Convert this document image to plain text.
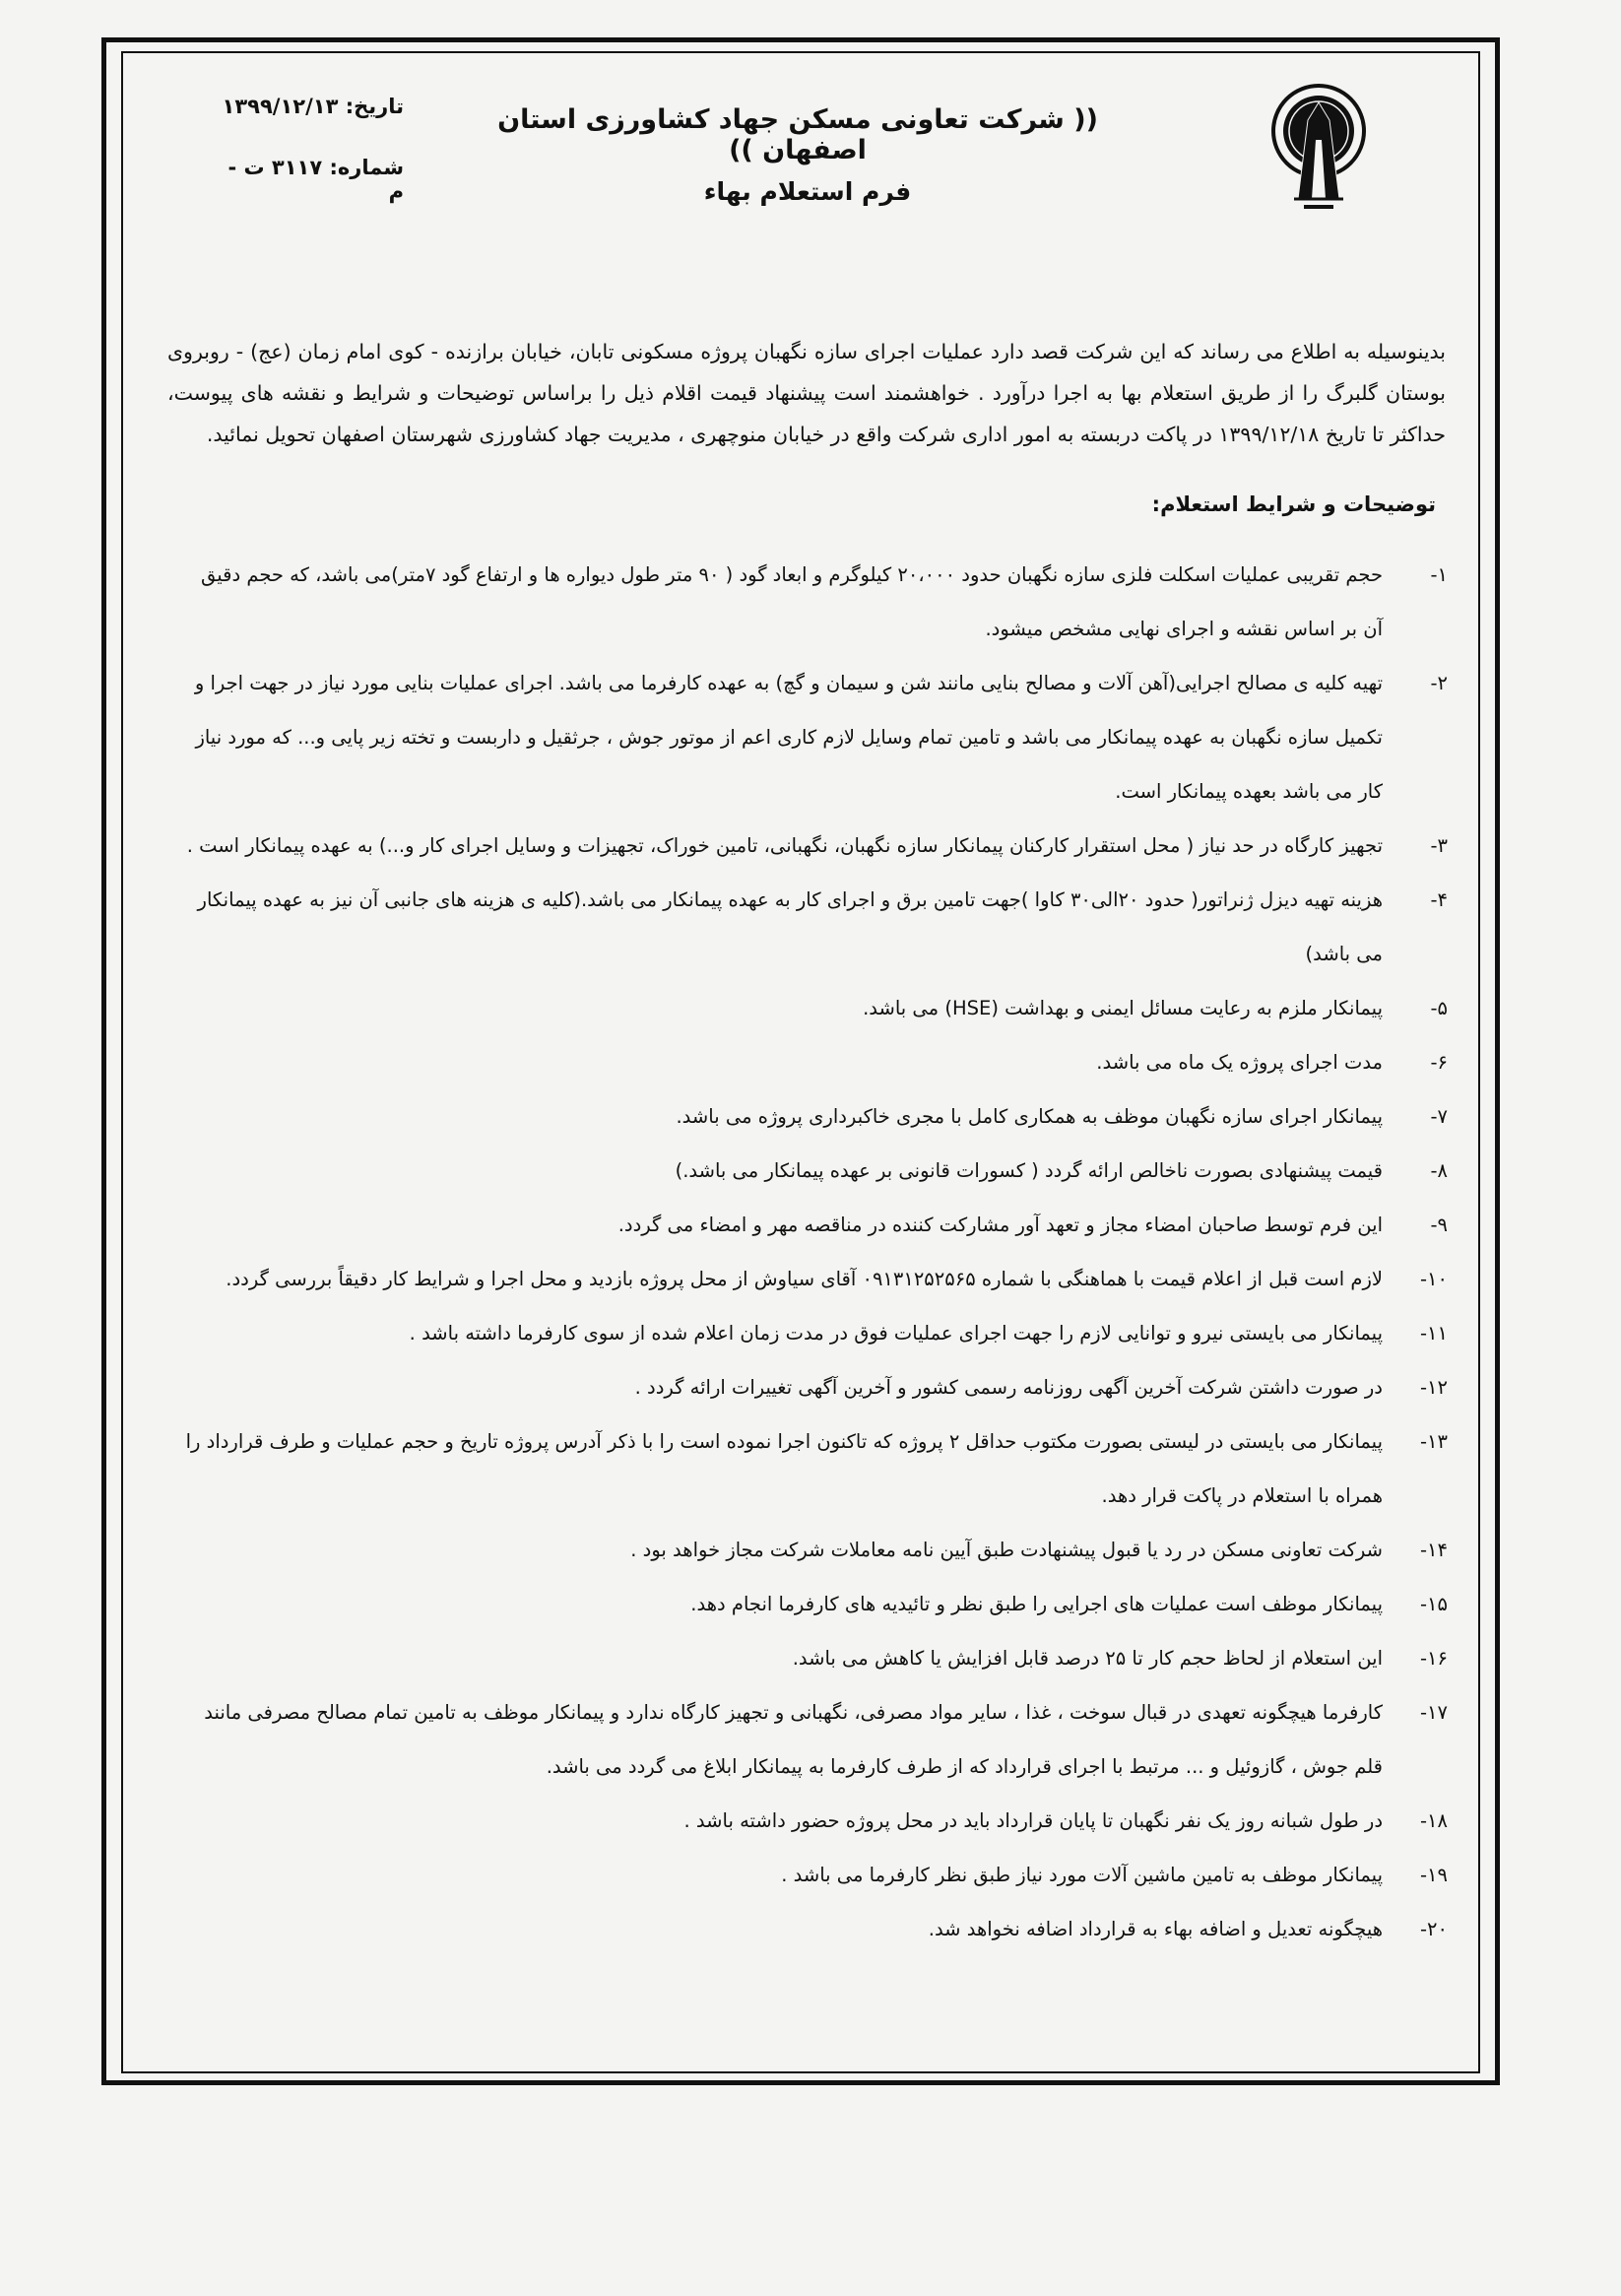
(( شرکت تعاونی مسکن جهاد کشاورزی استان اصفهان ))
فرم استعلام بهاء
تاریخ: ۱۳۹۹/۱۲/۱۳
شماره: ۳۱۱۷ ت - م
بدینوسیله به اطلاع می رساند که این شرکت قصد دارد عملیات اجرای سازه نگهبان پروژه مسکونی تابان، خیابان برازنده - کوی امام زمان (عج) - روبروی بوستان گلبرگ را از طریق استعلام بها به اجرا درآورد . خواهشمند است پیشنهاد قیمت اقلام ذیل را براساس توضیحات و شرایط و نقشه های پیوست، حداکثر تا تاریخ ۱۳۹۹/۱۲/۱۸ در پاکت دربسته به امور اداری شرکت واقع در خیابان منوچهری ، مدیریت جهاد کشاورزی شهرستان اصفهان تحویل نمائید.
توضیحات و شرایط استعلام:
۱-
حجم تقریبی عملیات اسکلت فلزی سازه نگهبان حدود ۲۰،۰۰۰ کیلوگرم و ابعاد گود ( ۹۰ متر طول دیواره ها و ارتفاع گود ۷متر)می باشد، که حجم دقیق آن بر اساس نقشه و اجرای نهایی مشخص میشود.
۲-
تهیه کلیه ی مصالح اجرایی(آهن آلات و مصالح بنایی مانند شن و سیمان و گچ) به عهده کارفرما می باشد. اجرای عملیات بنایی مورد نیاز در جهت اجرا و تکمیل سازه نگهبان به عهده پیمانکار می باشد و تامین تمام وسایل لازم کاری اعم از موتور جوش ، جرثقیل و داربست و تخته زیر پایی و... که مورد نیاز کار می باشد بعهده پیمانکار است.
۳-
تجهیز کارگاه در حد نیاز ( محل استقرار کارکنان پیمانکار سازه نگهبان، نگهبانی، تامین خوراک، تجهیزات و وسایل اجرای کار و...) به عهده پیمانکار است .
۴-
هزینه تهیه دیزل ژنراتور( حدود ۲۰الی۳۰ کاوا )جهت تامین برق و اجرای کار به عهده پیمانکار می باشد.(کلیه ی هزینه های جانبی آن نیز به عهده پیمانکار می باشد)
۵-
پیمانکار ملزم به رعایت مسائل ایمنی و بهداشت (HSE) می باشد.
۶-
مدت اجرای پروژه یک ماه می باشد.
۷-
پیمانکار اجرای سازه نگهبان موظف به همکاری کامل با مجری خاکبرداری پروژه می باشد.
۸-
قیمت پیشنهادی بصورت ناخالص ارائه گردد ( کسورات قانونی بر عهده پیمانکار می باشد.)
۹-
این فرم توسط صاحبان امضاء مجاز و تعهد آور مشارکت کننده در مناقصه مهر و امضاء می گردد.
۱۰-
لازم است قبل از اعلام قیمت با هماهنگی با شماره ۰۹۱۳۱۲۵۲۵۶۵ آقای سیاوش از محل پروژه بازدید و محل اجرا و شرایط کار دقیقاً بررسی گردد.
۱۱-
پیمانکار می بایستی نیرو و توانایی لازم را جهت اجرای عملیات فوق در مدت زمان اعلام شده از سوی کارفرما داشته باشد .
۱۲-
در صورت داشتن شرکت آخرین آگهی روزنامه رسمی کشور و آخرین آگهی تغییرات ارائه گردد .
۱۳-
پیمانکار می بایستی در لیستی بصورت مکتوب حداقل ۲ پروژه که تاکنون اجرا نموده است را با ذکر آدرس پروژه تاریخ و حجم عملیات و طرف قرارداد را همراه با استعلام در پاکت قرار دهد.
۱۴-
شرکت تعاونی مسکن در رد یا قبول پیشنهادت طبق آیین نامه معاملات شرکت مجاز خواهد بود .
۱۵-
پیمانکار موظف است عملیات های اجرایی را طبق نظر و تائیدیه های کارفرما انجام دهد.
۱۶-
این استعلام از لحاظ حجم کار تا ۲۵ درصد قابل افزایش یا کاهش می باشد.
۱۷-
کارفرما هیچگونه تعهدی در قبال سوخت ، غذا ، سایر مواد مصرفی، نگهبانی و تجهیز کارگاه ندارد و پیمانکار موظف به تامین تمام مصالح مصرفی مانند قلم جوش ، گازوئیل و ... مرتبط با اجرای قرارداد که از طرف کارفرما به پیمانکار ابلاغ می گردد می باشد.
۱۸-
در طول شبانه روز یک نفر نگهبان تا پایان قرارداد باید در محل پروژه حضور داشته باشد .
۱۹-
پیمانکار موظف به تامین ماشین آلات مورد نیاز طبق نظر کارفرما می باشد .
۲۰-
هیچگونه تعدیل و اضافه بهاء به قرارداد اضافه نخواهد شد.
